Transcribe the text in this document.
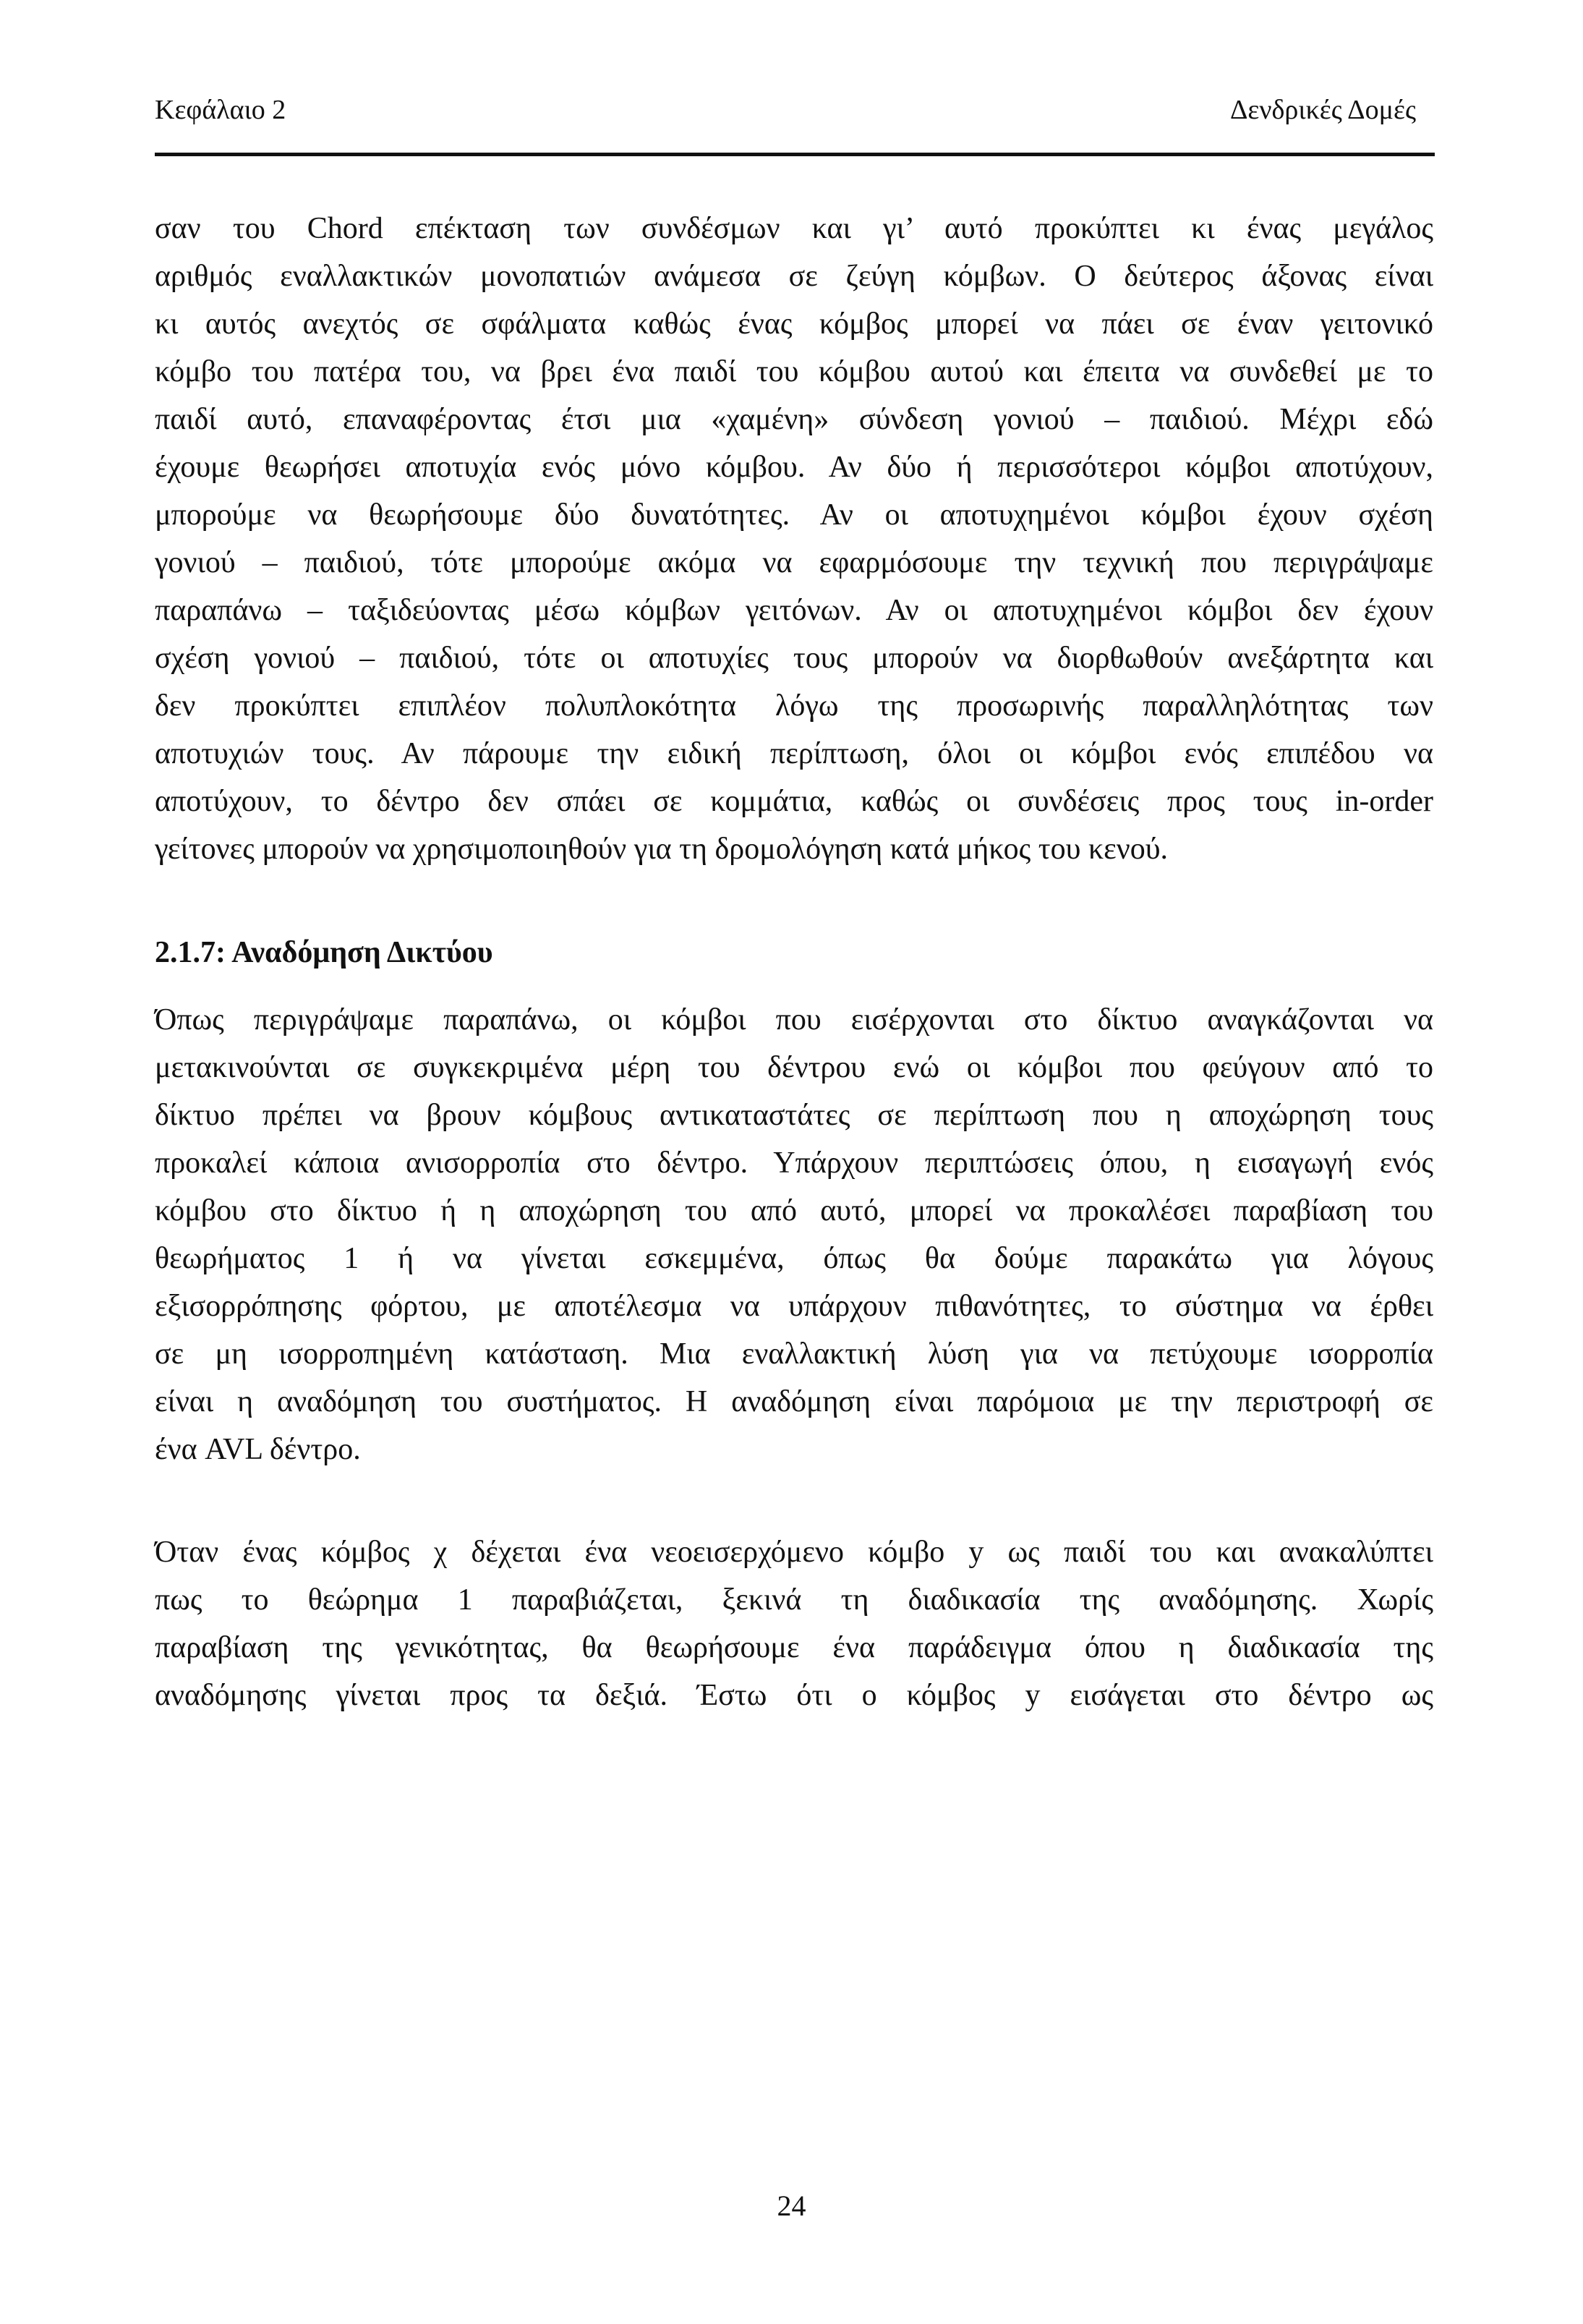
Κεφάλαιο 2	Δενδρικές Δομές
σαν του Chord επέκταση των συνδέσμων και γι’ αυτό προκύπτει κι ένας μεγάλος
αριθμός εναλλακτικών μονοπατιών ανάμεσα σε ζεύγη κόμβων. Ο δεύτερος άξονας είναι
κι αυτός ανεχτός σε σφάλματα καθώς ένας κόμβος μπορεί να πάει σε έναν γειτονικό
κόμβο του πατέρα του, να βρει ένα παιδί του κόμβου αυτού και έπειτα να συνδεθεί με το
παιδί αυτό, επαναφέροντας έτσι μια «χαμένη» σύνδεση γονιού – παιδιού. Μέχρι εδώ
έχουμε θεωρήσει αποτυχία ενός μόνο κόμβου. Αν δύο ή περισσότεροι κόμβοι αποτύχουν,
μπορούμε να θεωρήσουμε δύο δυνατότητες. Αν οι αποτυχημένοι κόμβοι έχουν σχέση
γονιού – παιδιού, τότε μπορούμε ακόμα να εφαρμόσουμε την τεχνική που περιγράψαμε
παραπάνω – ταξιδεύοντας μέσω κόμβων γειτόνων. Αν οι αποτυχημένοι κόμβοι δεν έχουν
σχέση γονιού – παιδιού, τότε οι αποτυχίες τους μπορούν να διορθωθούν ανεξάρτητα και
δεν προκύπτει επιπλέον πολυπλοκότητα λόγω της προσωρινής παραλληλότητας των
αποτυχιών τους. Αν πάρουμε την ειδική περίπτωση, όλοι οι κόμβοι ενός επιπέδου να
αποτύχουν, το δέντρο δεν σπάει σε κομμάτια, καθώς οι συνδέσεις προς τους in-order
γείτονες μπορούν να χρησιμοποιηθούν για τη δρομολόγηση κατά μήκος του κενού.
2.1.7: Αναδόμηση Δικτύου
Όπως περιγράψαμε παραπάνω, οι κόμβοι που εισέρχονται στο δίκτυο αναγκάζονται να
μετακινούνται σε συγκεκριμένα μέρη του δέντρου ενώ οι κόμβοι που φεύγουν από το
δίκτυο πρέπει να βρουν κόμβους αντικαταστάτες σε περίπτωση που η αποχώρηση τους
προκαλεί κάποια ανισορροπία στο δέντρο. Υπάρχουν περιπτώσεις όπου, η εισαγωγή ενός
κόμβου στο δίκτυο ή η αποχώρηση του από αυτό, μπορεί να προκαλέσει παραβίαση του
θεωρήματος 1 ή να γίνεται εσκεμμένα, όπως θα δούμε παρακάτω για λόγους
εξισορρόπησης φόρτου, με αποτέλεσμα να υπάρχουν πιθανότητες, το σύστημα να έρθει
σε μη ισορροπημένη κατάσταση. Μια εναλλακτική λύση για να πετύχουμε ισορροπία
είναι η αναδόμηση του συστήματος. Η αναδόμηση είναι παρόμοια με την περιστροφή σε
ένα AVL δέντρο.
Όταν ένας κόμβος χ δέχεται ένα νεοεισερχόμενο κόμβο y ως παιδί του και ανακαλύπτει
πως το θεώρημα 1 παραβιάζεται, ξεκινά τη διαδικασία της αναδόμησης. Χωρίς
παραβίαση της γενικότητας, θα θεωρήσουμε ένα παράδειγμα όπου η διαδικασία της
αναδόμησης γίνεται προς τα δεξιά. Έστω ότι ο κόμβος y εισάγεται στο δέντρο ως
24
